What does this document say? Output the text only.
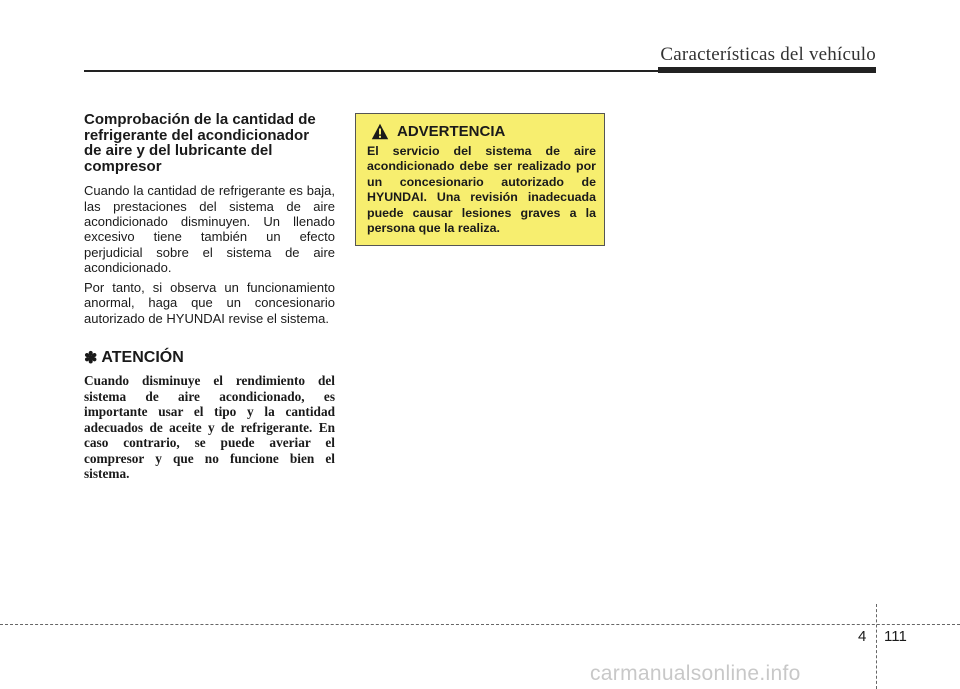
Características del vehículo
Comprobación de la cantidad de
refrigerante del acondicionador
de aire y del lubricante del
compresor

Cuando la cantidad de refrigerante es baja, las prestaciones del sistema de aire acondicionado disminuyen. Un llenado excesivo tiene también un efecto perjudicial sobre el sistema de aire acondicionado.

Por tanto, si observa un funcionamiento anormal, haga que un concesionario autorizado de HYUNDAI revise el sistema.

✽ ATENCIÓN

Cuando disminuye el rendimiento del sistema de aire acondicionado, es importante usar el tipo y la cantidad adecuados de aceite y de refrigerante. En caso contrario, se puede averiar el compresor y que no funcione bien el sistema.

ADVERTENCIA

El servicio del sistema de aire acondicionado debe ser realizado por un concesionario autorizado de HYUNDAI. Una revisión inadecuada puede causar lesiones graves a la persona que la realiza.

4 111
carmanualsonline.info
